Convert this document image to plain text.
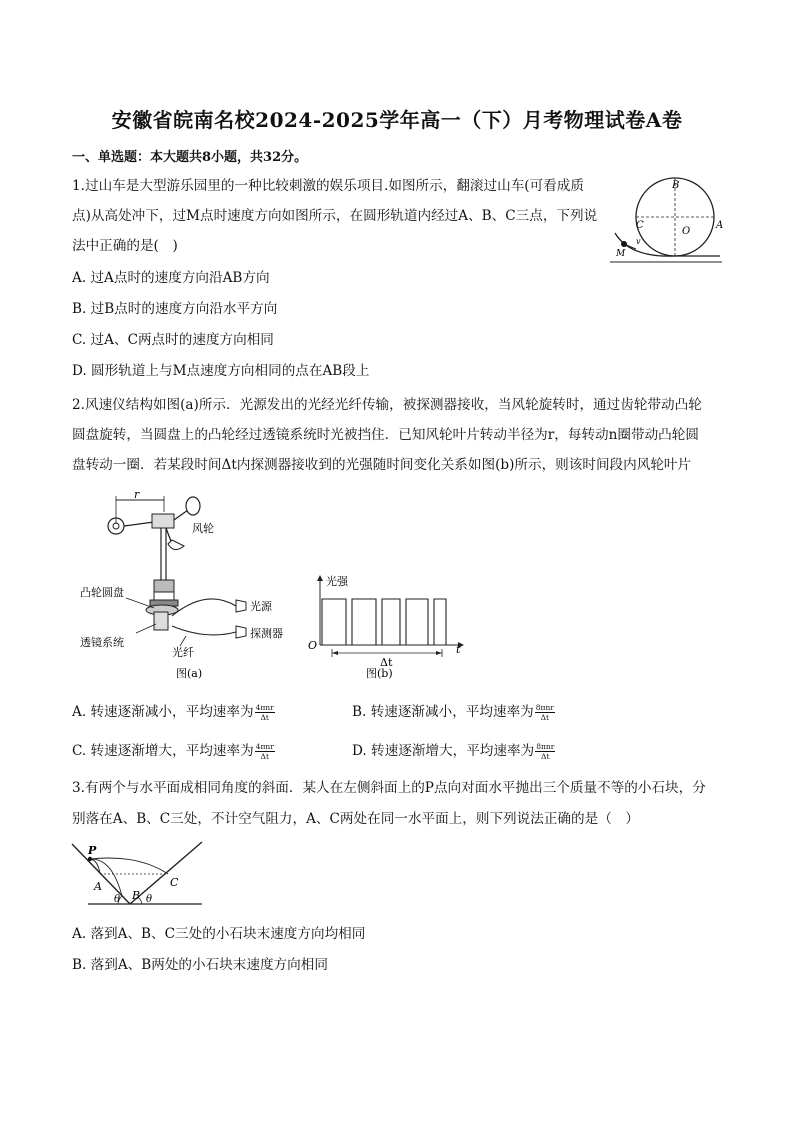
安徽省皖南名校2024-2025学年高一（下）月考物理试卷A卷
一、单选题：本大题共8小题，共32分。
1.过山车是大型游乐园里的一种比较刺激的娱乐项目.如图所示，翻滚过山车(可看成质
点)从高处冲下，过M点时速度方向如图所示，在圆形轨道内经过A、B、C三点，下列说
法中正确的是(　)
A. 过A点时的速度方向沿AB方向
B. 过B点时的速度方向沿水平方向
C. 过A、C两点时的速度方向相同
D. 圆形轨道上与M点速度方向相同的点在AB段上
B
C
O
A
M
v
2.风速仪结构如图(a)所示．光源发出的光经光纤传输，被探测器接收，当风轮旋转时，通过齿轮带动凸轮
圆盘旋转，当圆盘上的凸轮经过透镜系统时光被挡住．已知风轮叶片转动半径为r，每转动n圈带动凸轮圆
盘转动一圈．若某段时间Δt内探测器接收到的光强随时间变化关系如图(b)所示，则该时间段内风轮叶片
r
风轮
凸轮圆盘
透镜系统
光源
探测器
光纤
图(a)
光强
O	t
Δt
图(b)
A. 转速逐渐减小，平均速率为 $\frac{\text{4πnr}}{\Delta t}$	B. 转速逐渐减小，平均速率为 $\frac{\text{8πnr}}{\Delta t}$
C. 转速逐渐增大，平均速率为 $\frac{\text{4πnr}}{\Delta t}$	D. 转速逐渐增大，平均速率为 $\frac{\text{8πnr}}{\Delta t}$
3.有两个与水平面成相同角度的斜面．某人在左侧斜面上的P点向对面水平抛出三个质量不等的小石块，分
别落在A、B、C三处，不计空气阻力，A、C两处在同一水平面上，则下列说法正确的是（　）
P
A
B
C
θ	θ
A. 落到A、B、C三处的小石块末速度方向均相同
B. 落到A、B两处的小石块末速度方向相同
